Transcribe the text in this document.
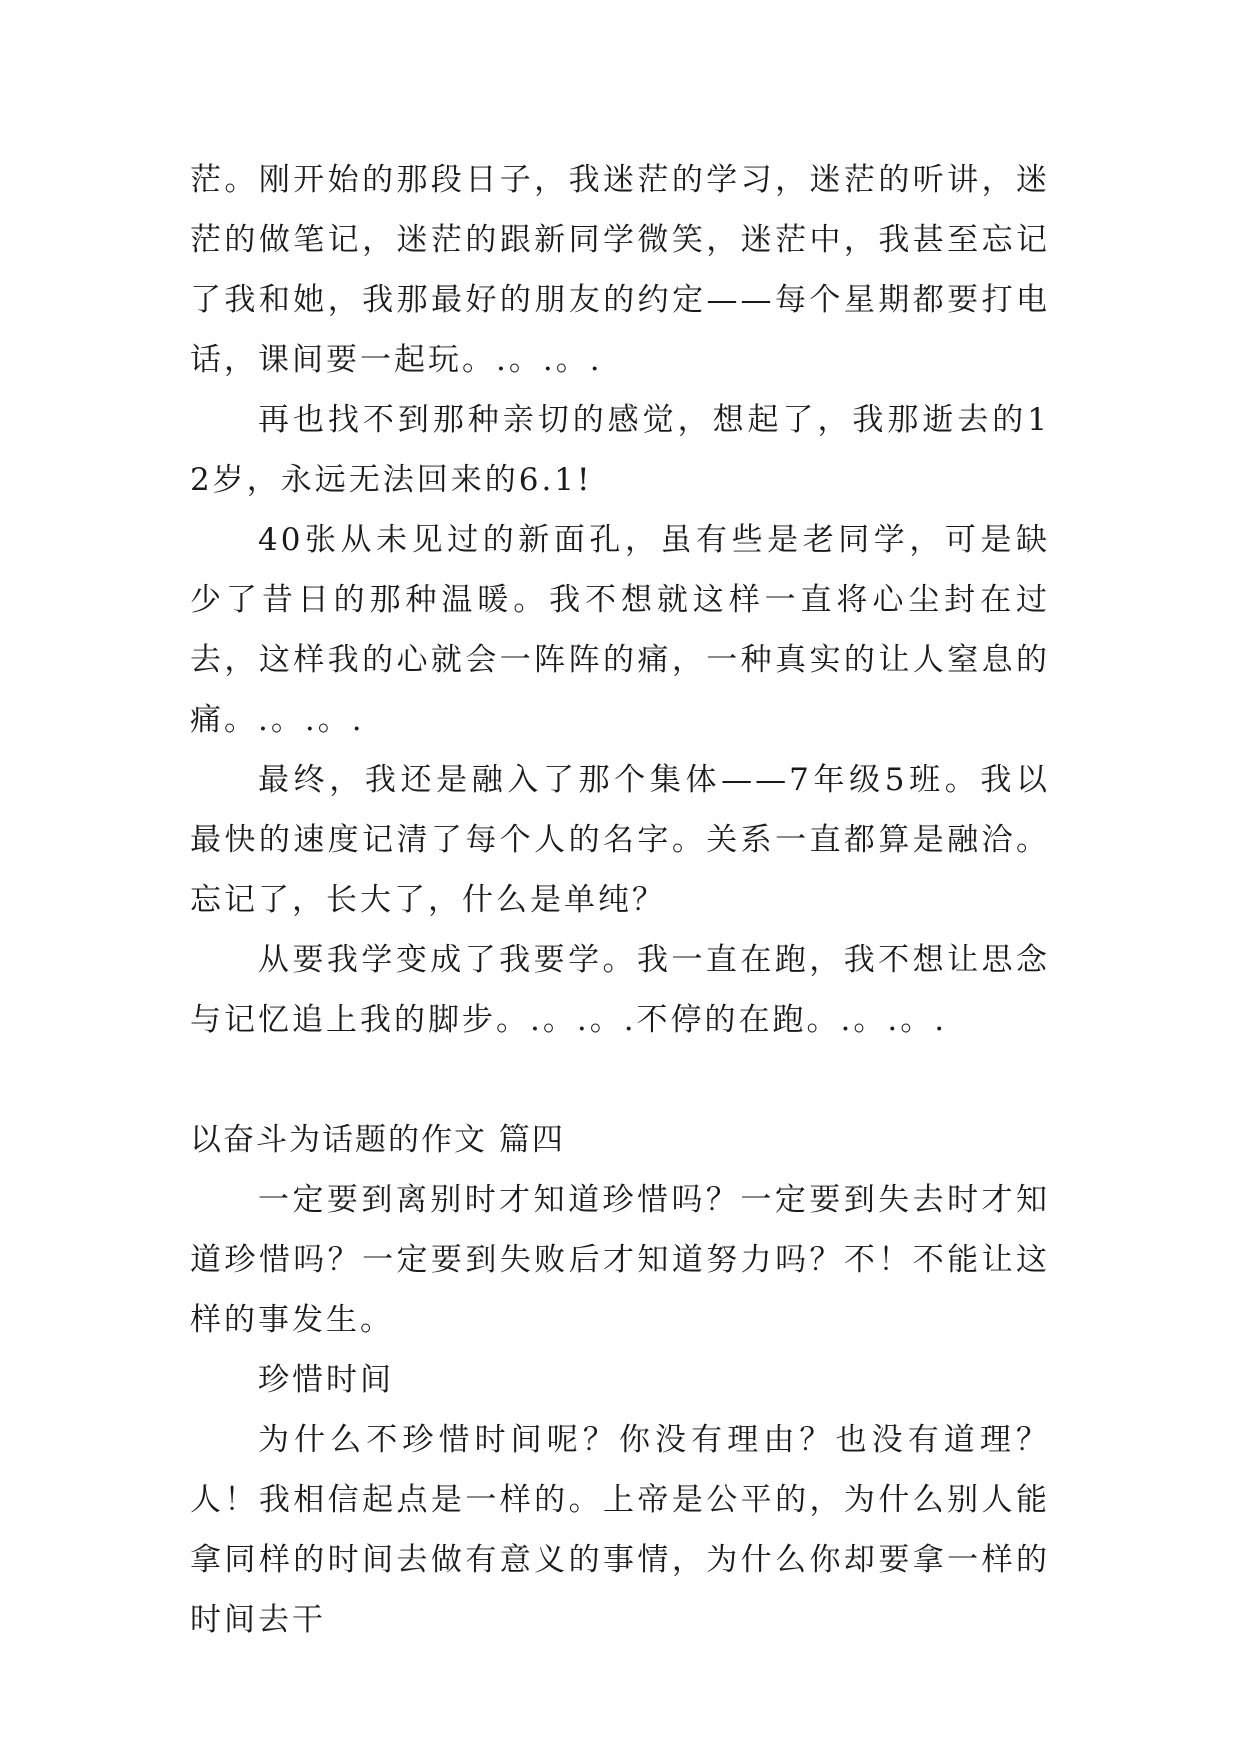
茫。刚开始的那段日子，我迷茫的学习，迷茫的听讲，迷茫的做笔记，迷茫的跟新同学微笑，迷茫中，我甚至忘记了我和她，我那最好的朋友的约定——每个星期都要打电话，课间要一起玩。.。.。.

再也找不到那种亲切的感觉，想起了，我那逝去的12岁，永远无法回来的6.1!

40张从未见过的新面孔，虽有些是老同学，可是缺少了昔日的那种温暖。我不想就这样一直将心尘封在过去，这样我的心就会一阵阵的痛，一种真实的让人窒息的痛。.。.。.

最终，我还是融入了那个集体——7年级5班。我以最快的速度记清了每个人的名字。关系一直都算是融洽。忘记了，长大了，什么是单纯？

从要我学变成了我要学。我一直在跑，我不想让思念与记忆追上我的脚步。.。.。.不停的在跑。.。.。.

以奋斗为话题的作文 篇四

一定要到离别时才知道珍惜吗？一定要到失去时才知道珍惜吗？一定要到失败后才知道努力吗？不！不能让这样的事发生。

珍惜时间

为什么不珍惜时间呢？你没有理由？也没有道理？人！我相信起点是一样的。上帝是公平的，为什么别人能拿同样的时间去做有意义的事情，为什么你却要拿一样的时间去干
